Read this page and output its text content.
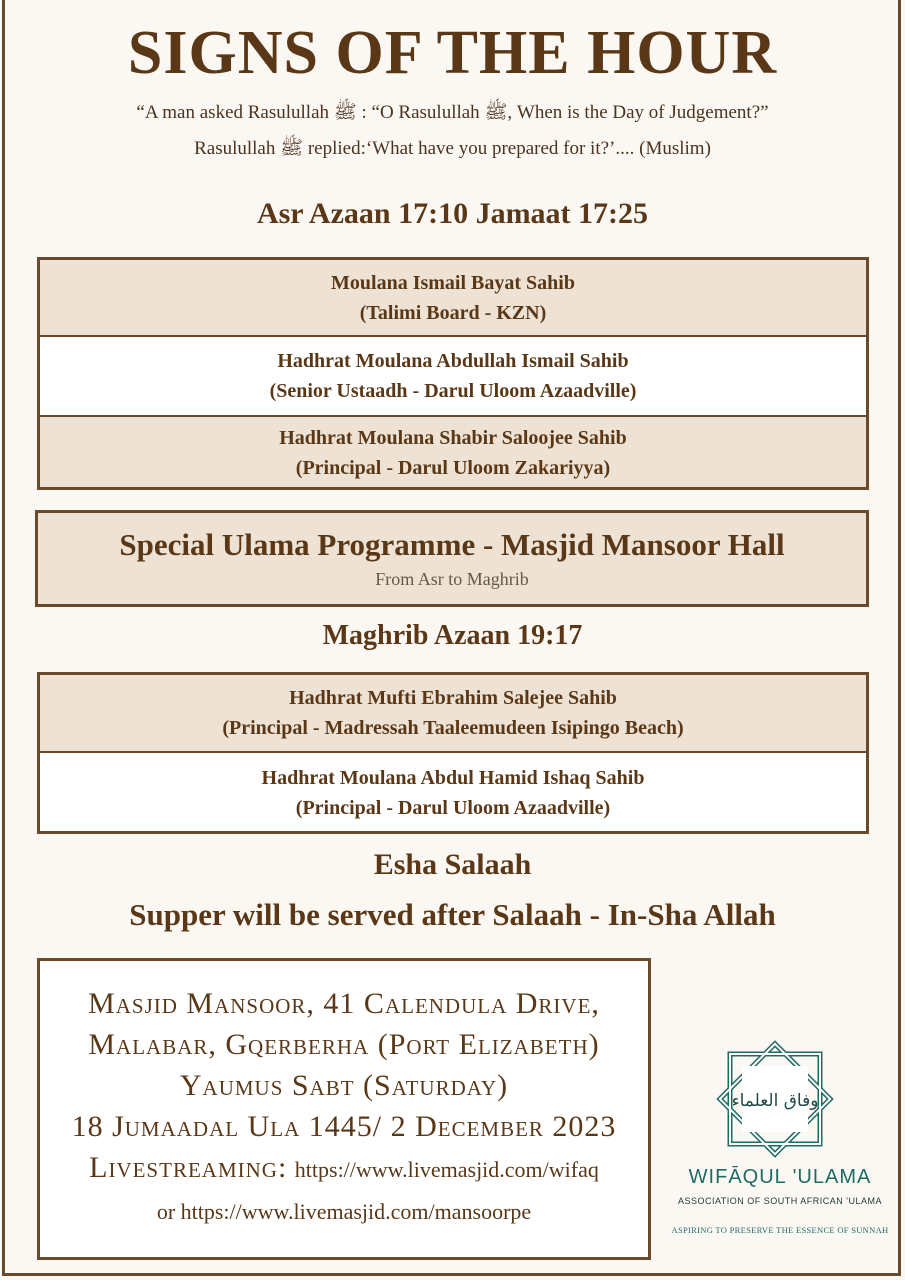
SIGNS OF THE HOUR
“A man asked Rasulullah ﷺ : “O Rasulullah ﷺ, When is the Day of Judgement?”
Rasulullah ﷺ replied:‘What have you prepared for it?’.... (Muslim)
Asr Azaan 17:10 Jamaat 17:25
Moulana Ismail Bayat Sahib
(Talimi Board - KZN)
Hadhrat Moulana Abdullah Ismail Sahib
(Senior Ustaadh - Darul Uloom Azaadville)
Hadhrat Moulana Shabir Saloojee Sahib
(Principal - Darul Uloom Zakariyya)
Special Ulama Programme - Masjid Mansoor Hall
From Asr to Maghrib
Maghrib Azaan 19:17
Hadhrat Mufti Ebrahim Salejee Sahib
(Principal - Madressah Taaleemudeen Isipingo Beach)
Hadhrat Moulana Abdul Hamid Ishaq Sahib
(Principal - Darul Uloom Azaadville)
Esha Salaah
Supper will be served after Salaah - In-Sha Allah
Masjid Mansoor, 41 Calendula Drive,
Malabar, Gqerberha (Port Elizabeth)
Yaumus Sabt (Saturday)
18 Jumaadal Ula 1445/ 2 December 2023
Livestreaming: https://www.livemasjid.com/wifaq
or https://www.livemasjid.com/mansoorpe
وفاق العلماء
WIFĀQUL 'ULAMA
ASSOCIATION OF SOUTH AFRICAN 'ULAMA
ASPIRING TO PRESERVE THE ESSENCE OF SUNNAH
